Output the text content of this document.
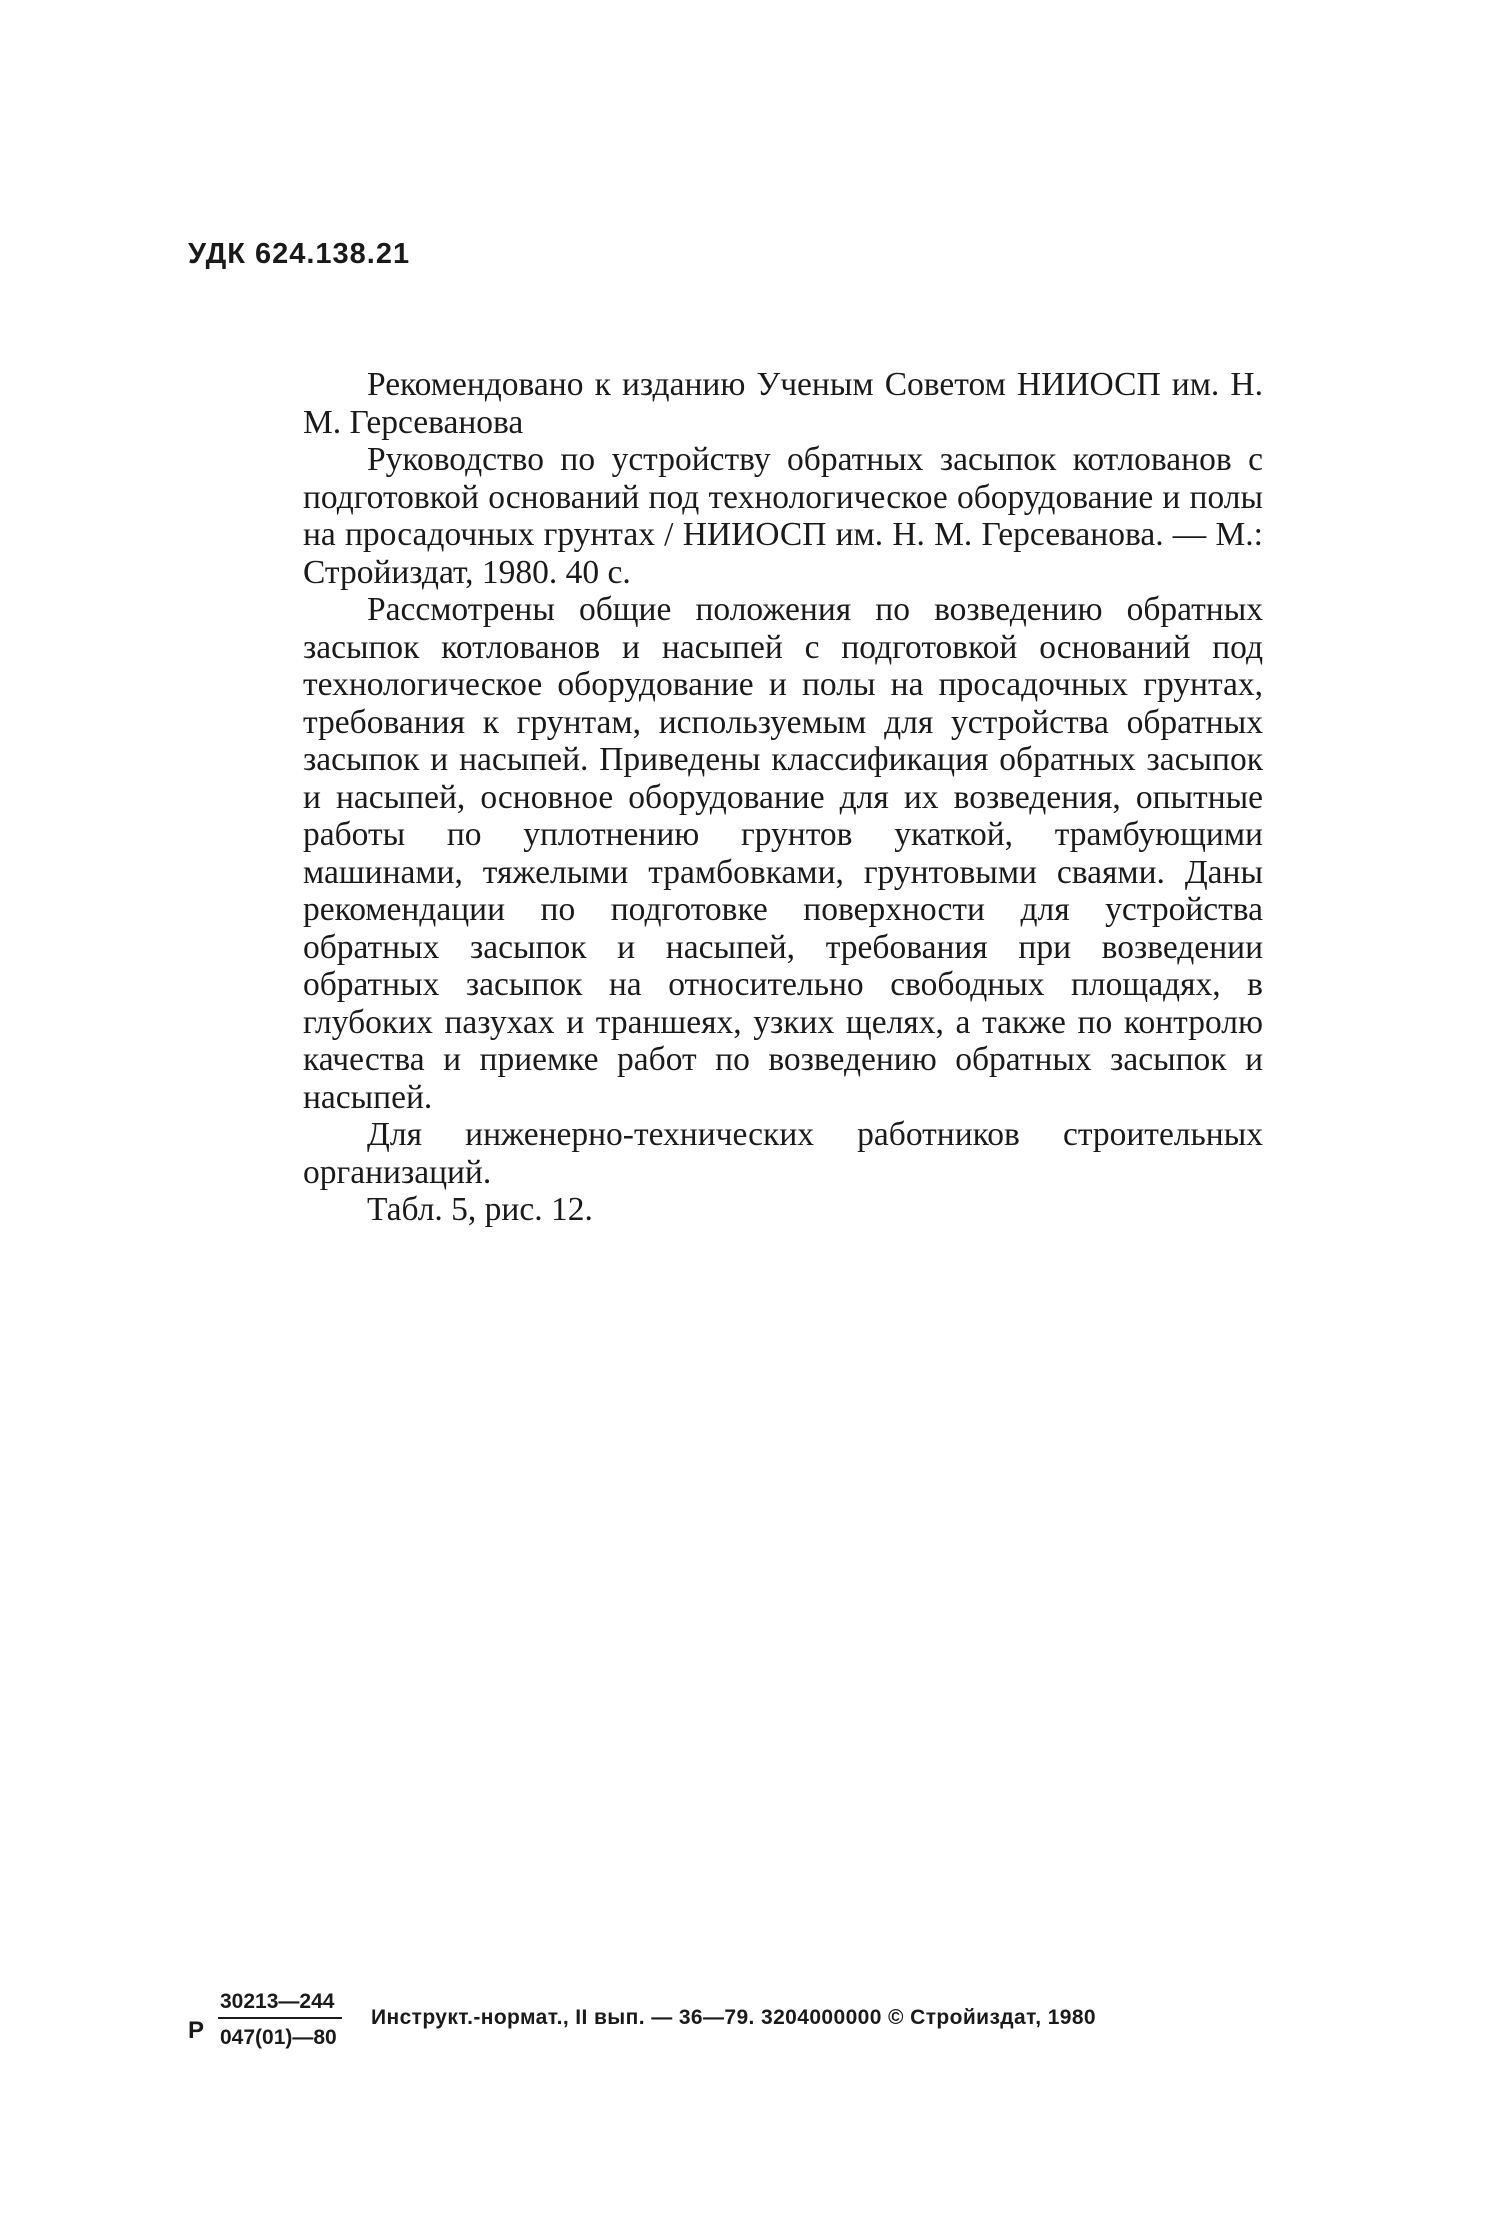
УДК 624.138.21

Рекомендовано к изданию Ученым Советом НИИОСП им. Н. М. Герсеванова

Руководство по устройству обратных засыпок котлованов с подготовкой оснований под технологическое оборудование и полы на просадочных грунтах / НИИОСП им. Н. М. Герсеванова. — М.: Стройиздат, 1980. 40 с.

Рассмотрены общие положения по возведению обратных засыпок котлованов и насыпей с подготовкой оснований под технологическое оборудование и полы на просадочных грунтах, требования к грунтам, используемым для устройства обратных засыпок и насыпей. Приведены классификация обратных засыпок и насыпей, основное оборудование для их возведения, опытные работы по уплотнению грунтов укаткой, трамбующими машинами, тяжелыми трамбовками, грунтовыми сваями. Даны рекомендации по подготовке поверхности для устройства обратных засыпок и насыпей, требования при возведении обратных засыпок на относительно свободных площадях, в глубоких пазухах и траншеях, узких щелях, а также по контролю качества и приемке работ по возведению обратных засыпок и насыпей.

Для инженерно-технических работников строительных организаций.

Табл. 5, рис. 12.

Р
30213—244
047(01)—80
Инструкт.-нормат., II вып. — 36—79. 3204000000 © Стройиздат, 1980
